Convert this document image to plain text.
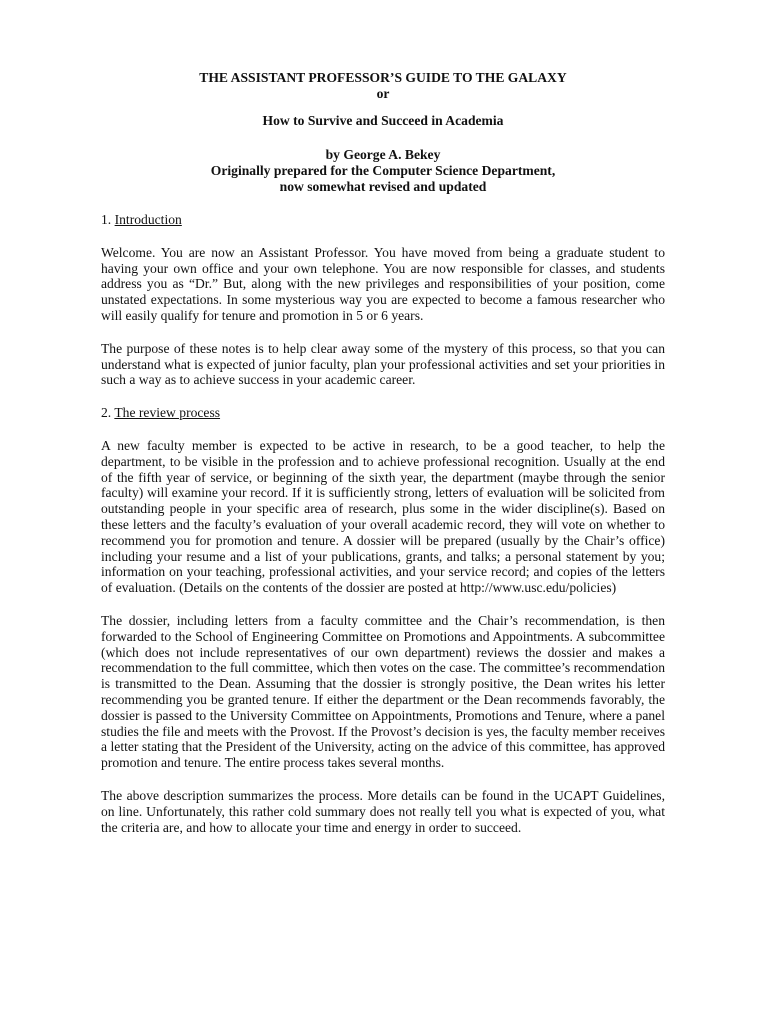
THE ASSISTANT PROFESSOR’S GUIDE TO THE GALAXY
or
How to Survive and Succeed in Academia
by George A. Bekey
Originally prepared for the Computer Science Department,
now somewhat revised and updated
1. Introduction

Welcome. You are now an Assistant Professor. You have moved from being a graduate student to having your own office and your own telephone. You are now responsible for classes, and students address you as “Dr.” But, along with the new privileges and responsibilities of your position, come unstated expectations. In some mysterious way you are expected to become a famous researcher who will easily qualify for tenure and promotion in 5 or 6 years.

The purpose of these notes is to help clear away some of the mystery of this process, so that you can understand what is expected of junior faculty, plan your professional activities and set your priorities in such a way as to achieve success in your academic career.

2. The review process

A new faculty member is expected to be active in research, to be a good teacher, to help the department, to be visible in the profession and to achieve professional recognition. Usually at the end of the fifth year of service, or beginning of the sixth year, the department (maybe through the senior faculty) will examine your record. If it is sufficiently strong, letters of evaluation will be solicited from outstanding people in your specific area of research, plus some in the wider discipline(s). Based on these letters and the faculty’s evaluation of your overall academic record, they will vote on whether to recommend you for promotion and tenure. A dossier will be prepared (usually by the Chair’s office) including your resume and a list of your publications, grants, and talks; a personal statement by you; information on your teaching, professional activities, and your service record; and copies of the letters of evaluation. (Details on the contents of the dossier are posted at http://www.usc.edu/policies)

The dossier, including letters from a faculty committee and the Chair’s recommendation, is then forwarded to the School of Engineering Committee on Promotions and Appointments. A subcommittee (which does not include representatives of our own department) reviews the dossier and makes a recommendation to the full committee, which then votes on the case. The committee’s recommendation is transmitted to the Dean. Assuming that the dossier is strongly positive, the Dean writes his letter recommending you be granted tenure. If either the department or the Dean recommends favorably, the dossier is passed to the University Committee on Appointments, Promotions and Tenure, where a panel studies the file and meets with the Provost. If the Provost’s decision is yes, the faculty member receives a letter stating that the President of the University, acting on the advice of this committee, has approved promotion and tenure. The entire process takes several months.

The above description summarizes the process. More details can be found in the UCAPT Guidelines, on line. Unfortunately, this rather cold summary does not really tell you what is expected of you, what the criteria are, and how to allocate your time and energy in order to succeed.
